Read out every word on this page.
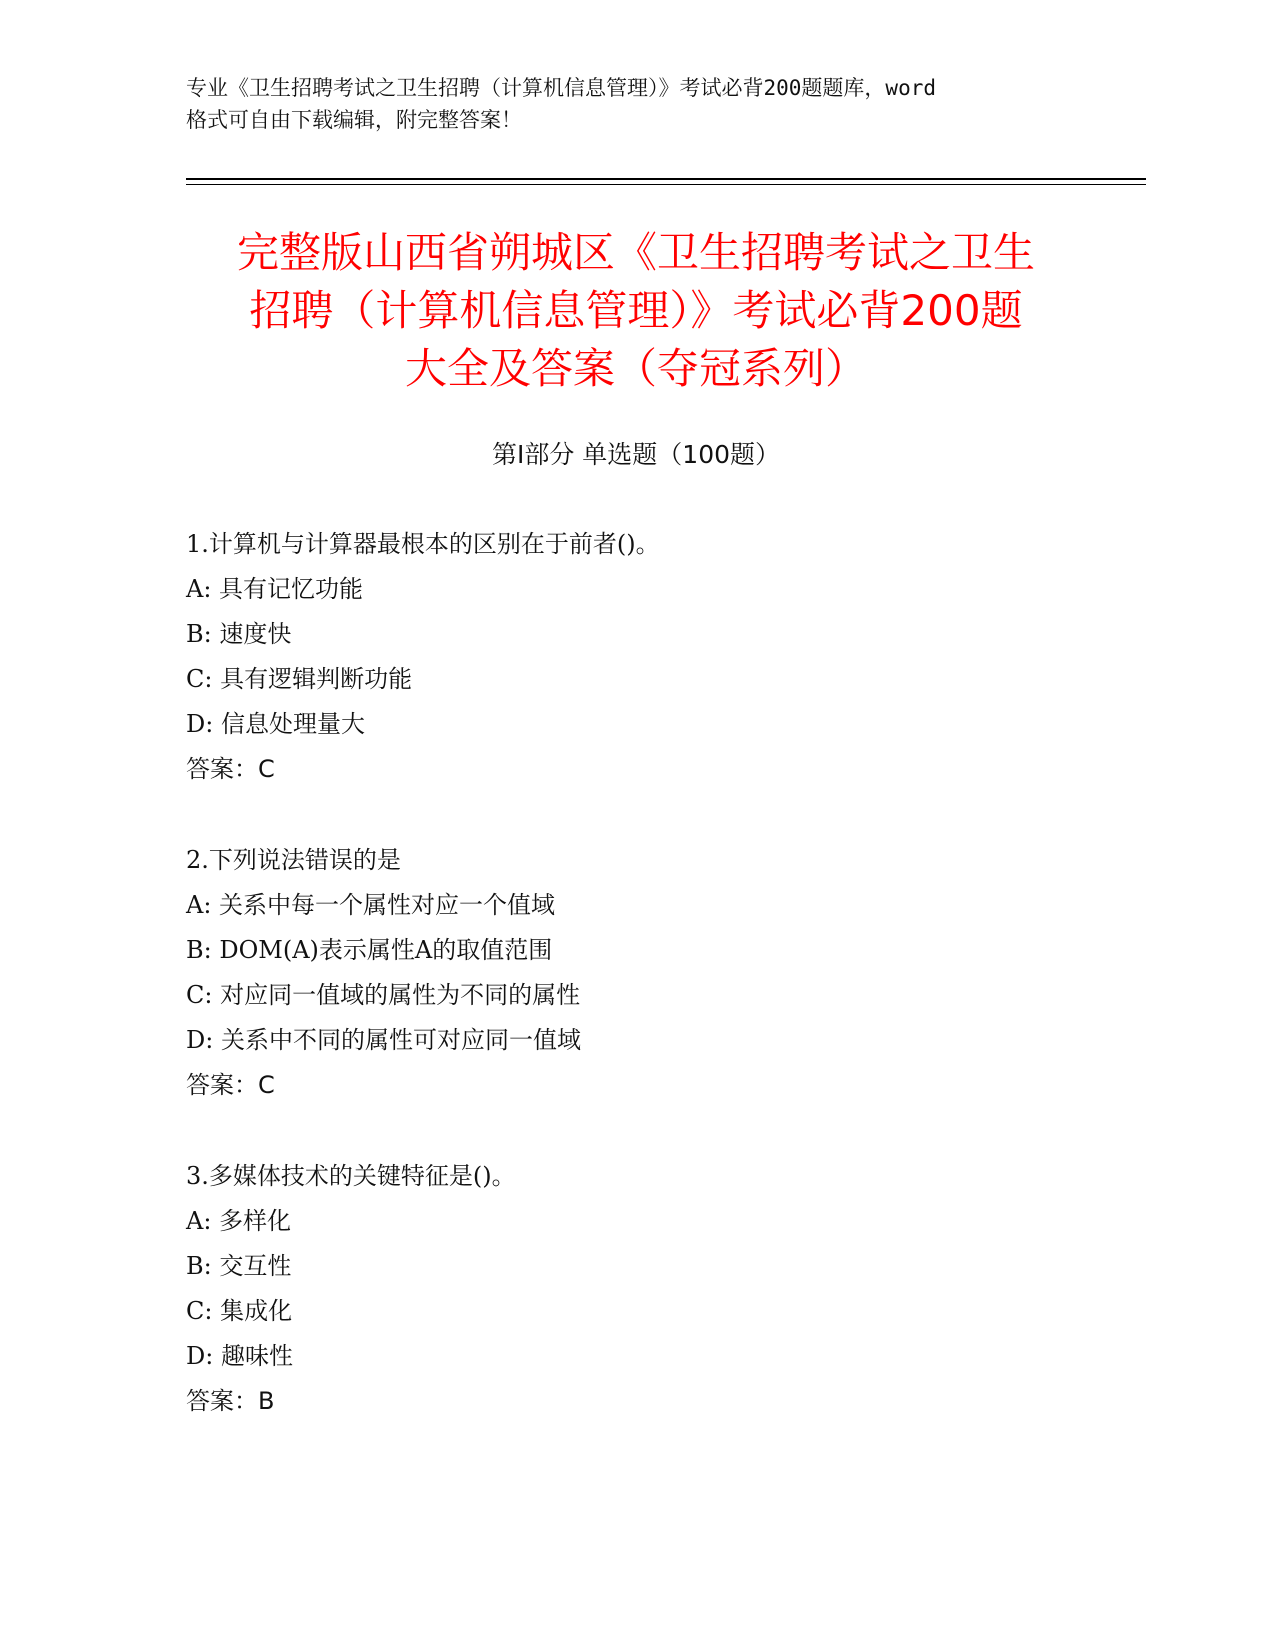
专业《卫生招聘考试之卫生招聘（计算机信息管理）》考试必背200题题库，word
格式可自由下载编辑，附完整答案！
完整版山西省朔城区《卫生招聘考试之卫生
招聘（计算机信息管理）》考试必背200题
大全及答案（夺冠系列）
第Ⅰ部分 单选题（100题）
1.计算机与计算器最根本的区别在于前者()。
A: 具有记忆功能
B: 速度快
C: 具有逻辑判断功能
D: 信息处理量大
答案：C
2.下列说法错误的是
A: 关系中每一个属性对应一个值域
B: DOM(A)表示属性A的取值范围
C: 对应同一值域的属性为不同的属性
D: 关系中不同的属性可对应同一值域
答案：C
3.多媒体技术的关键特征是()。
A: 多样化
B: 交互性
C: 集成化
D: 趣味性
答案：B
